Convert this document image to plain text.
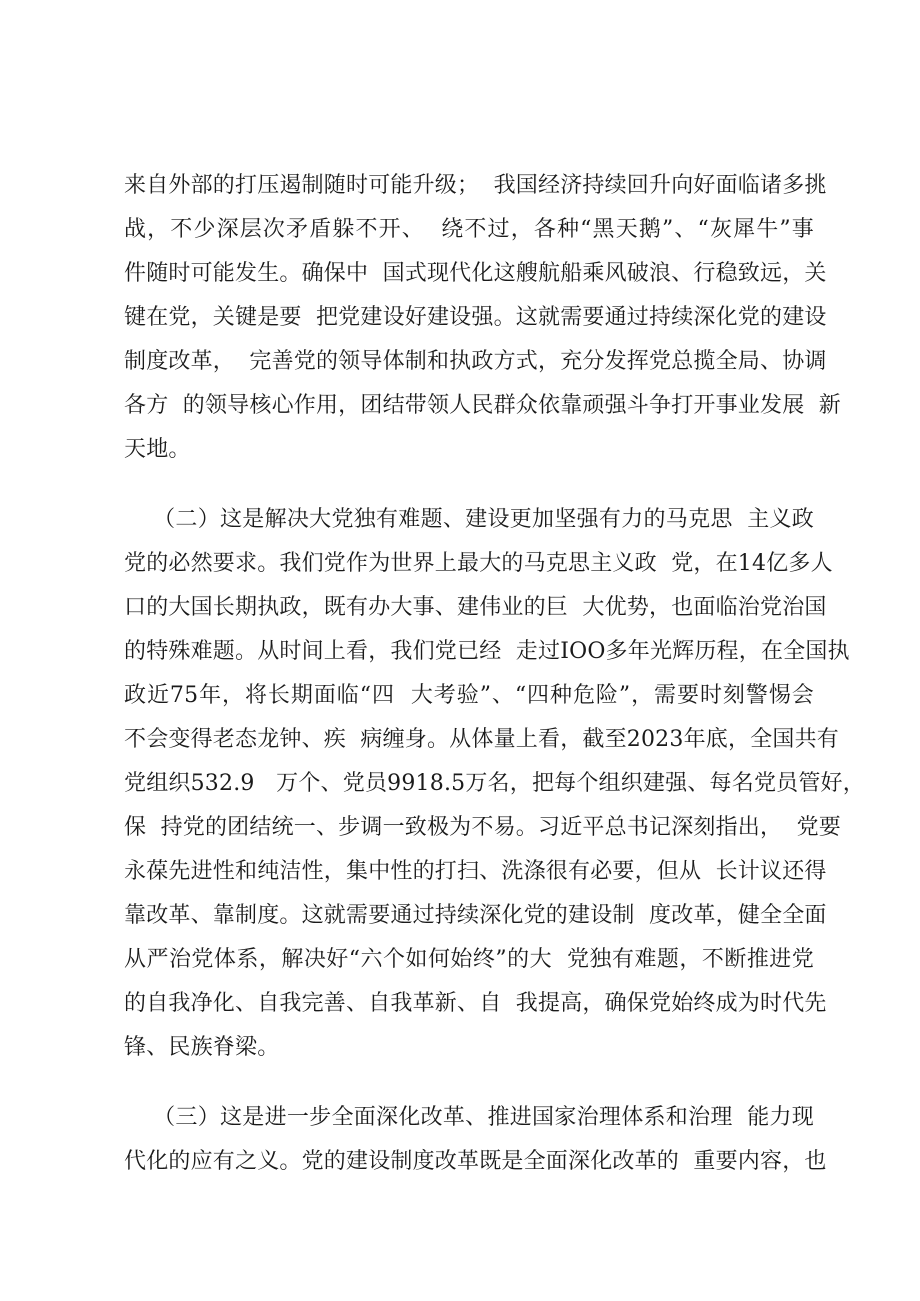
来自外部的打压遏制随时可能升级；  我国经济持续回升向好面临诸多挑
战，不少深层次矛盾躲不开、  绕不过，各种“黑天鹅”、“灰犀牛”事
件随时可能发生。确保中  国式现代化这艘航船乘风破浪、行稳致远，关
键在党，关键是要  把党建设好建设强。这就需要通过持续深化党的建设
制度改革，  完善党的领导体制和执政方式，充分发挥党总揽全局、协调
各方  的领导核心作用，团结带领人民群众依靠顽强斗争打开事业发展  新
天地。
（二）这是解决大党独有难题、建设更加坚强有力的马克思  主义政
党的必然要求。我们党作为世界上最大的马克思主义政  党，在14亿多人
口的大国长期执政，既有办大事、建伟业的巨  大优势，也面临治党治国
的特殊难题。从时间上看，我们党已经  走过IOO多年光辉历程，在全国执
政近75年，将长期面临“四  大考验”、“四种危险”，需要时刻警惕会
不会变得老态龙钟、疾  病缠身。从体量上看，截至2023年底，全国共有
党组织532.9   万个、党员9918.5万名，把每个组织建强、每名党员管好，
保  持党的团结统一、步调一致极为不易。习近平总书记深刻指出，  党要
永葆先进性和纯洁性，集中性的打扫、洗涤很有必要，但从  长计议还得
靠改革、靠制度。这就需要通过持续深化党的建设制  度改革，健全全面
从严治党体系，解决好“六个如何始终”的大  党独有难题，不断推进党
的自我净化、自我完善、自我革新、自  我提高，确保党始终成为时代先
锋、民族脊梁。
（三）这是进一步全面深化改革、推进国家治理体系和治理  能力现
代化的应有之义。党的建设制度改革既是全面深化改革的  重要内容，也
